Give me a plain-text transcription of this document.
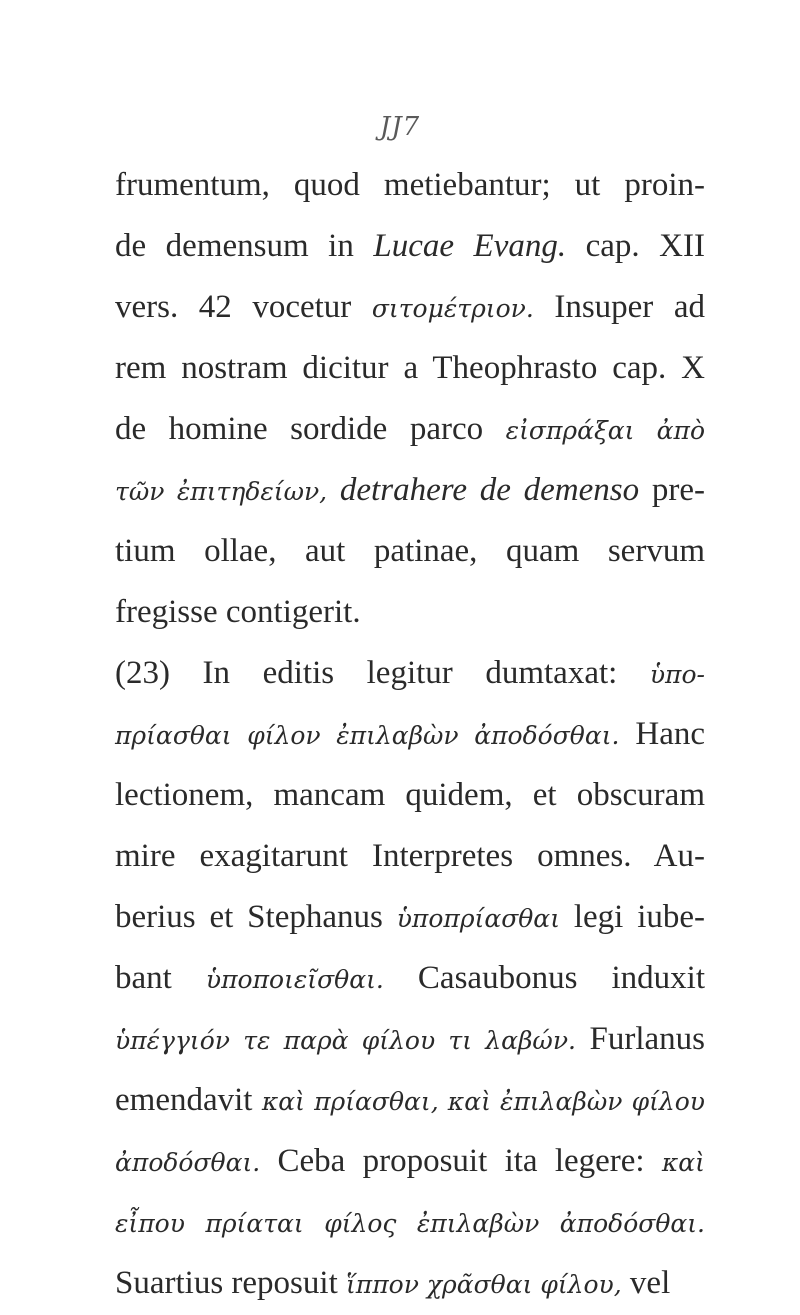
JJ7
frumentum, quod metiebantur; ut proin-
de demensum in Lucae Evang. cap. XII
vers. 42 vocetur σιτομέτριον. Insuper ad
rem nostram dicitur a Theophrasto cap. X
de homine sordide parco εἰσπράξαι ἀπὸ
τῶν ἐπιτηδείων, detrahere de demenso pre-
tium ollae, aut patinae, quam servum
fregisse contigerit.
(23) In editis legitur dumtaxat: ὑπο-
πρίασθαι φίλον ἐπιλαβὼν ἀποδόσθαι. Hanc
lectionem, mancam quidem, et obscuram
mire exagitarunt Interpretes omnes. Au-
berius et Stephanus ὑποπρίασθαι legi iube-
bant ὑποποιεῖσθαι. Casaubonus induxit
ὑπέγγιόν τε παρὰ φίλου τι λαβών. Furlanus
emendavit καὶ πρίασθαι, καὶ ἐπιλαβὼν φίλου
ἀποδόσθαι. Ceba proposuit ita legere: καὶ
εἶπου πρίαται φίλος ἐπιλαβὼν ἀποδόσθαι.
Suartius reposuit ἵππον χρᾶσθαι φίλου, vel
